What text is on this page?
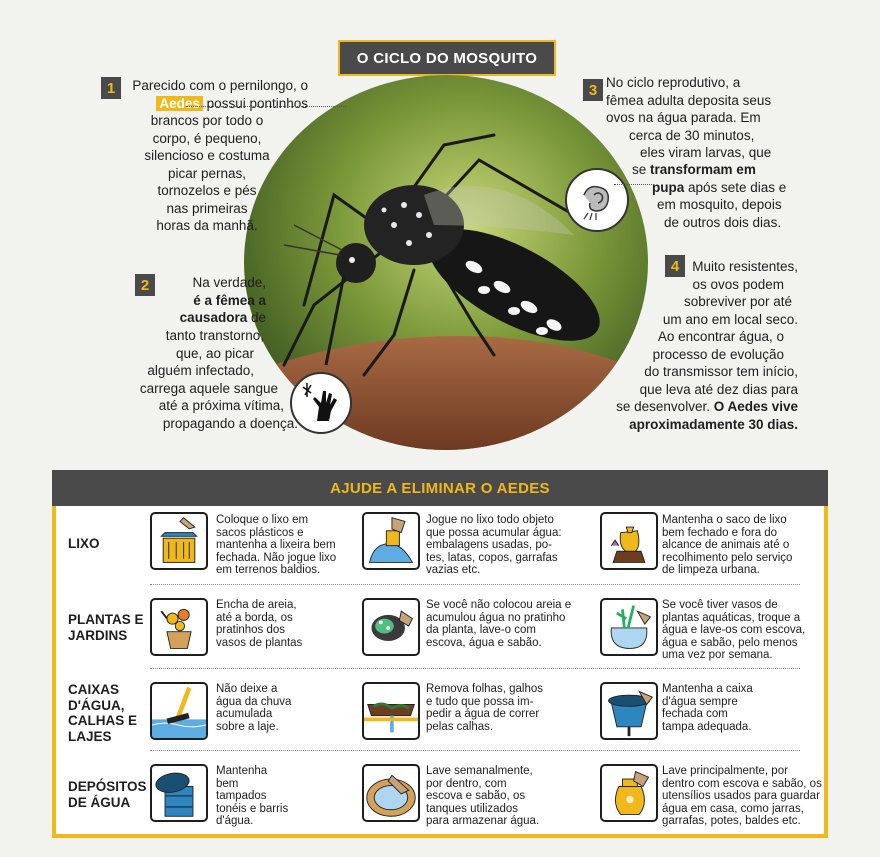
O CICLO DO MOSQUITO
1	Parecido com o pernilongo, o
Aedes possui pontinhos
brancos por todo o
corpo, é pequeno,
silencioso e costuma
picar pernas,
tornozelos e pés
nas primeiras
horas da manhã.
2	Na verdade,
é a fêmea a
causadora de
tanto transtorno,
que, ao picar
alguém infectado,
carrega aquele sangue
até a próxima vítima,
propagando a doença.
3 No ciclo reprodutivo, a
fêmea adulta deposita seus
ovos na água parada. Em
cerca de 30 minutos,
eles viram larvas, que
se transformam em
pupa após sete dias e
em mosquito, depois
de outros dois dias.
4 Muito resistentes,
os ovos podem
sobreviver por até
um ano em local seco.
Ao encontrar água, o
processo de evolução
do transmissor tem início,
que leva até dez dias para
se desenvolver. O Aedes vive
aproximadamente 30 dias.
AJUDE A ELIMINAR O AEDES
LIXO
PLANTAS E
JARDINS
CAIXAS
D'ÁGUA,
CALHAS E
LAJES
DEPÓSITOS
DE ÁGUA
Coloque o lixo em
sacos plásticos e
mantenha a lixeira bem
fechada. Não jogue lixo
em terrenos baldios.
Jogue no lixo todo objeto
que possa acumular água:
embalagens usadas, po-
tes, latas, copos, garrafas
vazias etc.
Mantenha o saco de lixo
bem fechado e fora do
alcance de animais até o
recolhimento pelo serviço
de limpeza urbana.
Encha de areia,
até a borda, os
pratinhos dos
vasos de plantas
Se você não colocou areia e
acumulou água no pratinho
da planta, lave-o com
escova, água e sabão.
Se você tiver vasos de
plantas aquáticas, troque a
água e lave-os com escova,
água e sabão, pelo menos
uma vez por semana.
Não deixe a
água da chuva
acumulada
sobre a laje.
Remova folhas, galhos
e tudo que possa im-
pedir a água de correr
pelas calhas.
Mantenha a caixa
d'água sempre
fechada com
tampa adequada.
Mantenha
bem
tampados
tonéis e barris
d'água.
Lave semanalmente,
por dentro, com
escova e sabão, os
tanques utilizados
para armazenar água.
Lave principalmente, por
dentro com escova e sabão, os
utensílios usados para guardar
água em casa, como jarras,
garrafas, potes, baldes etc.
